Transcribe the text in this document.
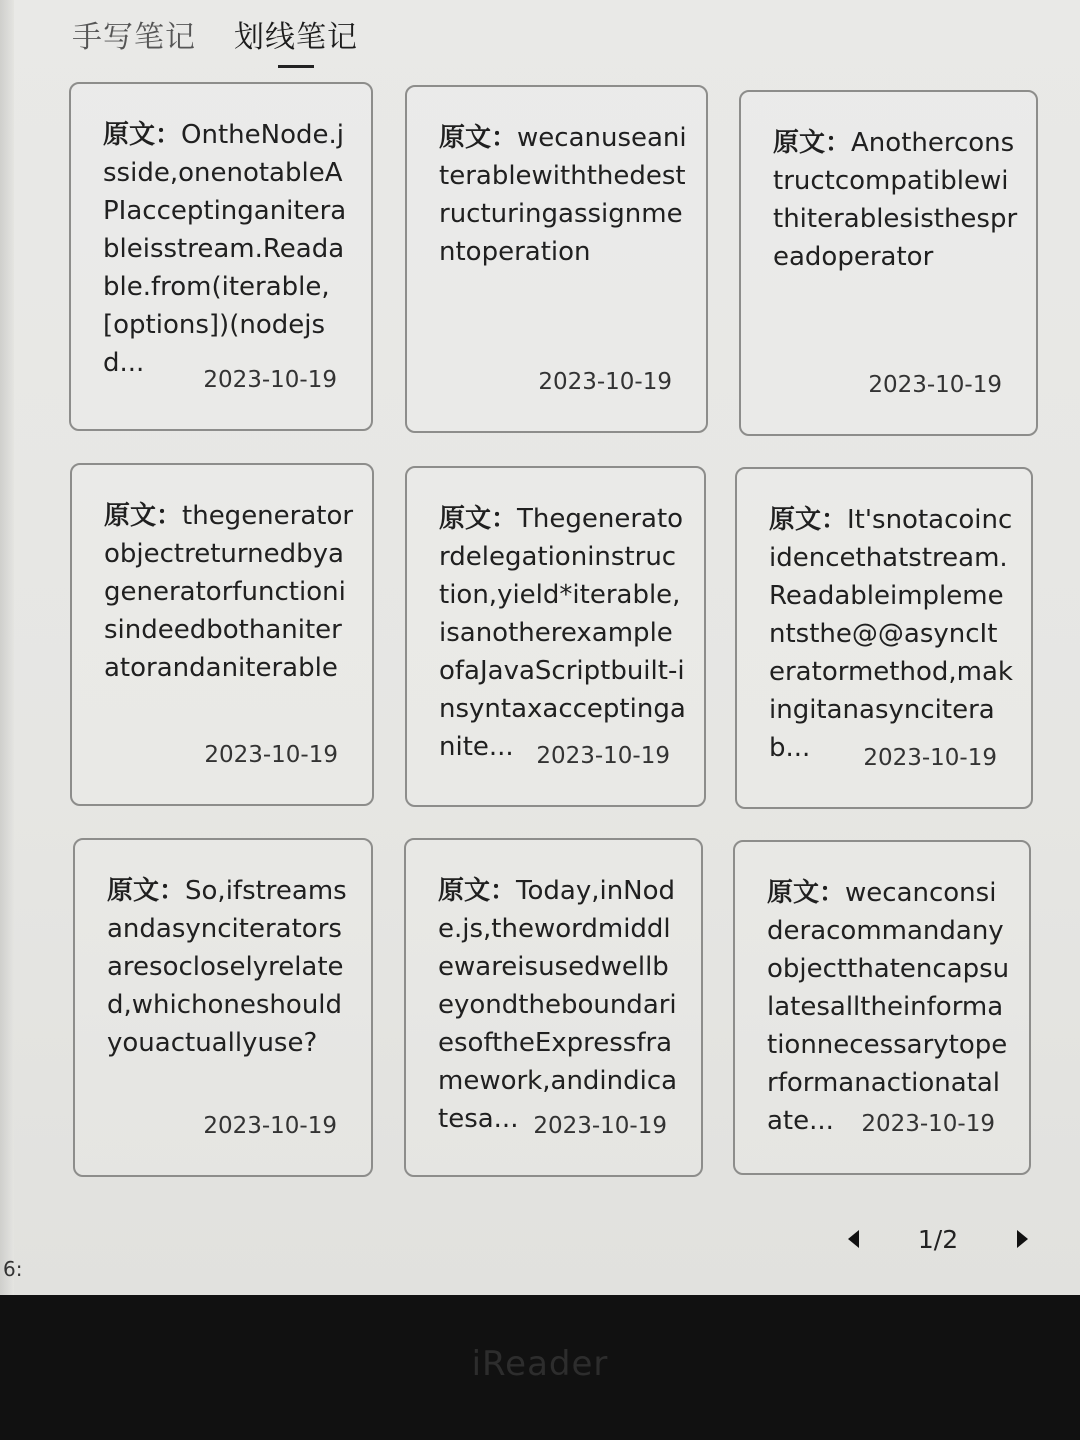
手写笔记 划线笔记
原文：OntheNode.jsside,onenotableAPIacceptinganiterableisstream.Readable.from(iterable,[options])(nodejsd...
2023-10-19
原文：wecanuseaniterablewiththedestructuringassignmentoperation
2023-10-19
原文：Anotherconstructcompatiblewithiterablesisthespreadoperator
2023-10-19
原文：thegeneratorobjectreturnedbyageneratorfunctionisindeedbothaniteratorandaniterable
2023-10-19
原文：Thegeneratordelegationinstruction,yield*iterable,isanotherexampleofaJavaScriptbuilt-insyntaxacceptinganite... 2023-10-19
原文：It'snotacoincidencethatstream.Readableimplementsthe@@asyncIteratormethod,makingitanasynciterab...	2023-10-19
原文：So,ifstreamsandasynciteratorsaresocloselyrelated,whichoneshouldyouactuallyuse?
2023-10-19
原文：Today,inNode.js,thewordmiddlewareisusedwellbeyondtheboundariesoftheExpressframework,andindicatesa... 2023-10-19
原文：wecanconsideracommandanyobjectthatencapsulatesalltheinformationnecessarytoperformanactionatalate...	2023-10-19
1/2
6:
iReader
